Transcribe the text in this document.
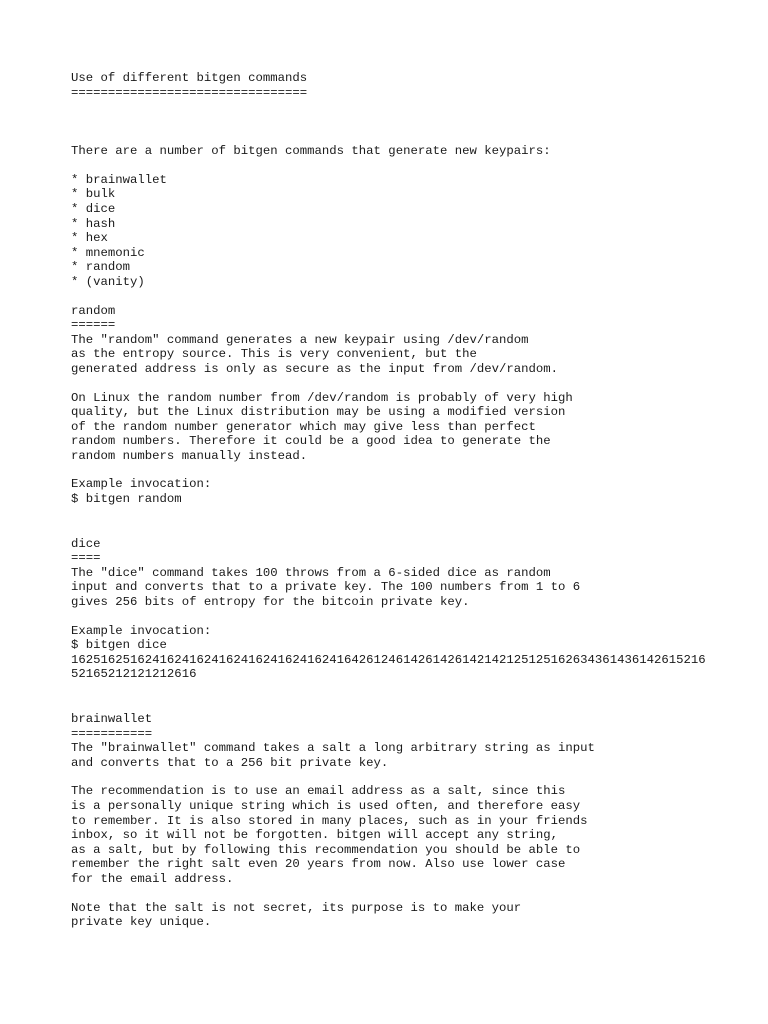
Use of different bitgen commands
================================
There are a number of bitgen commands that generate new keypairs:
* brainwallet
* bulk
* dice
* hash
* hex
* mnemonic
* random
* (vanity)
random
======
The "random" command generates a new keypair using /dev/random
as the entropy source. This is very convenient, but the
generated address is only as secure as the input from /dev/random.
On Linux the random number from /dev/random is probably of very high
quality, but the Linux distribution may be using a modified version
of the random number generator which may give less than perfect
random numbers. Therefore it could be a good idea to generate the
random numbers manually instead.
Example invocation:
$ bitgen random
dice
====
The "dice" command takes 100 throws from a 6-sided dice as random
input and converts that to a private key. The 100 numbers from 1 to 6
gives 256 bits of entropy for the bitcoin private key.
Example invocation:
$ bitgen dice
16251625162416241624162416241624162416426124614261426142142125125162634361436142615216
52165212121212616
brainwallet
===========
The "brainwallet" command takes a salt a long arbitrary string as input
and converts that to a 256 bit private key.
The recommendation is to use an email address as a salt, since this
is a personally unique string which is used often, and therefore easy
to remember. It is also stored in many places, such as in your friends
inbox, so it will not be forgotten. bitgen will accept any string,
as a salt, but by following this recommendation you should be able to
remember the right salt even 20 years from now. Also use lower case
for the email address.
Note that the salt is not secret, its purpose is to make your
private key unique.
